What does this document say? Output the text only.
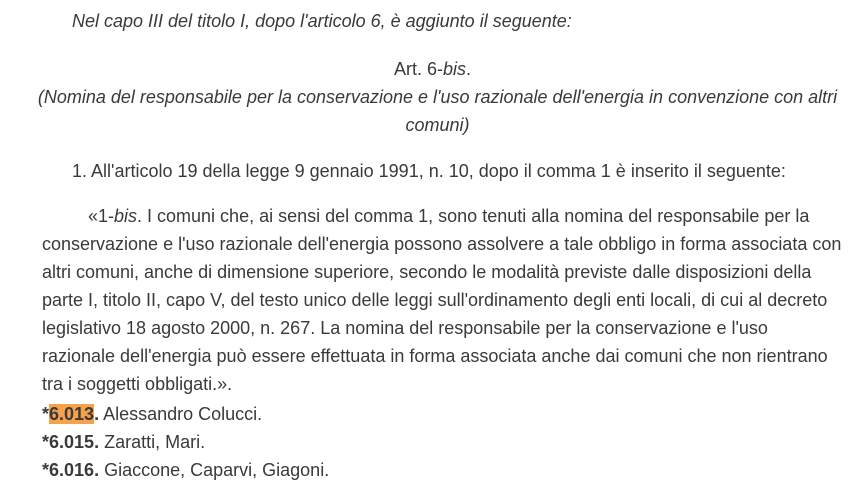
Nel capo III del titolo I, dopo l'articolo 6, è aggiunto il seguente:
Art. 6-bis.
(Nomina del responsabile per la conservazione e l'uso razionale dell'energia in convenzione con altri comuni)
1. All'articolo 19 della legge 9 gennaio 1991, n. 10, dopo il comma 1 è inserito il seguente:
«1-bis. I comuni che, ai sensi del comma 1, sono tenuti alla nomina del responsabile per la conservazione e l'uso razionale dell'energia possono assolvere a tale obbligo in forma associata con altri comuni, anche di dimensione superiore, secondo le modalità previste dalle disposizioni della parte I, titolo II, capo V, del testo unico delle leggi sull'ordinamento degli enti locali, di cui al decreto legislativo 18 agosto 2000, n. 267. La nomina del responsabile per la conservazione e l'uso razionale dell'energia può essere effettuata in forma associata anche dai comuni che non rientrano tra i soggetti obbligati.».
*6.013. Alessandro Colucci.
*6.015. Zaratti, Mari.
*6.016. Giaccone, Caparvi, Giagoni.
